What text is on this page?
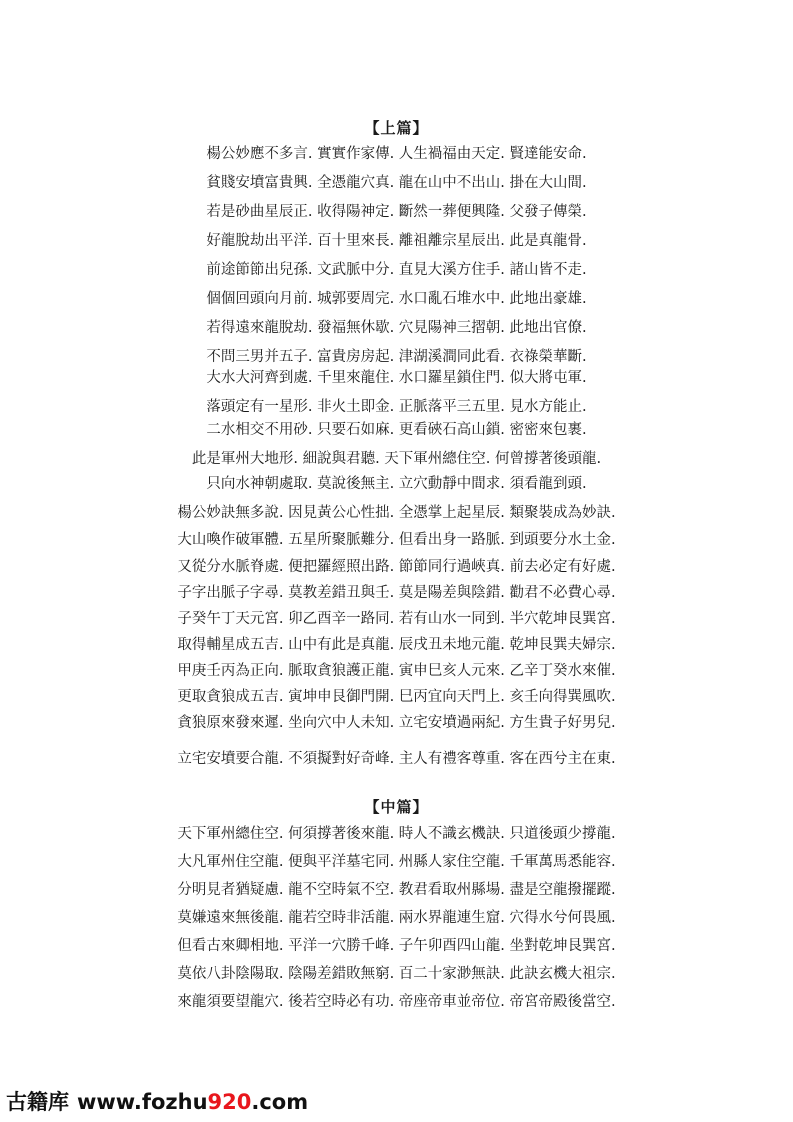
【上篇】
楊公妙應不多言. 實實作家傳. 人生禍福由天定. 賢達能安命.
貧賤安墳富貴興. 全憑龍穴真. 龍在山中不出山. 掛在大山間.
若是砂曲星辰正. 收得陽神定. 斷然一葬便興隆. 父發子傳榮.
好龍脫劫出平洋. 百十里來長. 離祖離宗星辰出. 此是真龍骨.
前途節節出兒孫. 文武脈中分. 直見大溪方住手. 諸山皆不走.
個個回頭向月前. 城郭要周完. 水口亂石堆水中. 此地出豪雄.
若得遠來龍脫劫. 發福無休歇. 穴見陽神三摺朝. 此地出官僚.
不問三男并五子. 富貴房房起. 津湖溪澗同此看. 衣祿榮華斷.
大水大河齊到處. 千里來龍住. 水口羅星鎖住門. 似大將屯軍.
落頭定有一星形. 非火土即金. 正脈落平三五里. 見水方能止.
二水相交不用砂. 只要石如麻. 更看硤石高山鎖. 密密來包裹.
此是軍州大地形. 細說與君聽. 天下軍州總住空. 何曾撐著後頭龍.
只向水神朝處取. 莫說後無主. 立穴動靜中間求. 須看龍到頭.
楊公妙訣無多說. 因見黃公心性拙. 全憑掌上起星辰. 類聚裝成為妙訣.
大山喚作破軍體. 五星所聚脈難分. 但看出身一路脈. 到頭要分水土金.
又從分水脈脊處. 便把羅經照出路. 節節同行過峽真. 前去必定有好處.
子字出脈子字尋. 莫教差錯丑與壬. 莫是陽差與陰錯. 勸君不必費心尋.
子癸午丁天元宮. 卯乙酉辛一路同. 若有山水一同到. 半穴乾坤艮巽宮.
取得輔星成五吉. 山中有此是真龍. 辰戌丑未地元龍. 乾坤艮巽夫婦宗.
甲庚壬丙為正向. 脈取貪狼護正龍. 寅申巳亥人元來. 乙辛丁癸水來催.
更取貪狼成五吉. 寅坤申艮御門開. 巳丙宜向天門上. 亥壬向得巽風吹.
貪狼原來發來遲. 坐向穴中人未知. 立宅安墳過兩紀. 方生貴子好男兒.
立宅安墳要合龍. 不須擬對好奇峰. 主人有禮客尊重. 客在西兮主在東.
【中篇】
天下軍州總住空. 何須撐著後來龍. 時人不識玄機訣. 只道後頭少撐龍.
大凡軍州住空龍. 便與平洋墓宅同. 州縣人家住空龍. 千軍萬馬悉能容.
分明見者猶疑慮. 龍不空時氣不空. 教君看取州縣場. 盡是空龍撥擺蹤.
莫嫌遠來無後龍. 龍若空時非活龍. 兩水界龍連生窟. 穴得水兮何畏風.
但看古來卿相地. 平洋一穴勝千峰. 子午卯酉四山龍. 坐對乾坤艮巽宮.
莫依八卦陰陽取. 陰陽差錯敗無窮. 百二十家渺無訣. 此訣玄機大祖宗.
來龍須要望龍穴. 後若空時必有功. 帝座帝車並帝位. 帝宮帝殿後當空.
古籍库 www.fozhu920.com
